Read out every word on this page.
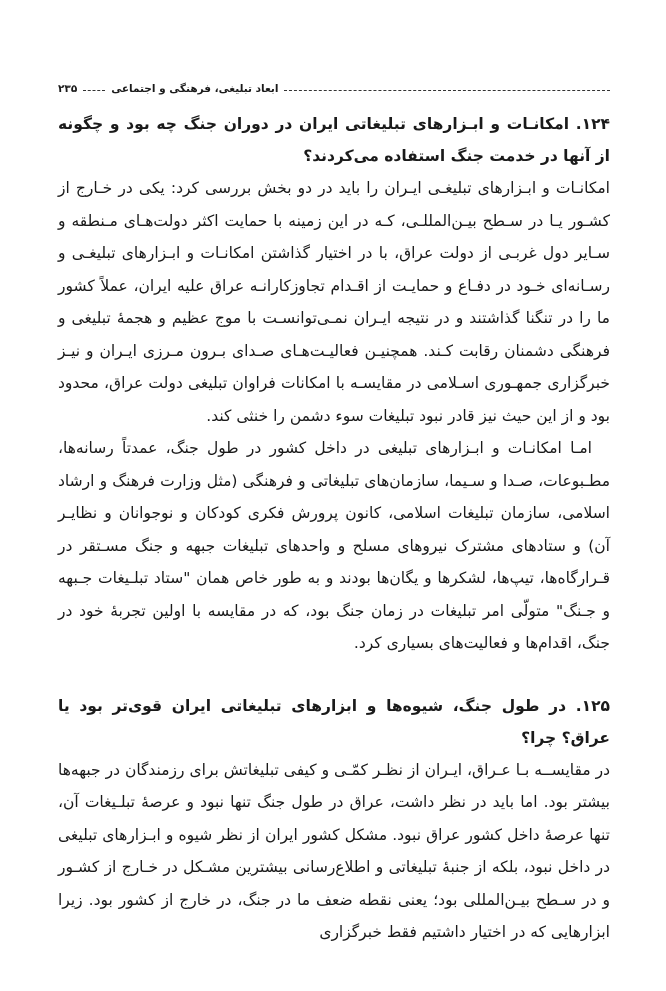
ابعاد تبلیغی، فرهنگی و اجتماعی
۲۳۵
۱۲۴. امکانـات و ابـزارهای تبلیغاتی ایران در دوران جنگ چه بود و چگونه از آنها در خدمت جنگ استفاده می‌کردند؟

امکانـات و ابـزارهای تبلیغـی ایـران را باید در دو بخش بررسی کرد: یکی در خـارج از کشـور یـا در سـطح بیـن‌المللـی، کـه در این زمینه با حمایت اکثر دولت‌هـای مـنطقه و سـایر دول غربـی از دولت عراق، با در اختیار گذاشتن امکانـات و ابـزارهای تبلیغـی و رسـانه‌ای خـود در دفـاع و حمایـت از اقـدام تجاوزکارانـه عراق علیه ایران، عملاً کشور ما را در تنگنا گذاشتند و در نتیجه ایـران نمـی‌توانسـت با موج عظیم و هجمهٔ تبلیغی و فرهنگی دشمنان رقابت کـند. همچنیـن فعالیـت‌هـای صـدای بـرون مـرزی ایـران و نیـز خبرگزاری جمهـوری اسـلامی در مقایسـه با امکانات فراوان تبلیغی دولت عراق، محدود بود و از این حیث نیز قادر نبود تبلیغات سوء دشمن را خنثی کند.

امـا امکانـات و ابـزارهای تبلیغی در داخل کشور در طول جنگ، عمدتاً رسانه‌ها، مطـبوعات، صـدا و سـیما، سازمان‌های تبلیغاتی و فرهنگی (مثل وزارت فرهنگ و ارشاد اسلامی، سازمان تبلیغات اسلامی، کانون پرورش فکری کودکان و نوجوانان و نظایـر آن) و ستادهای مشترک نیروهای مسلح و واحدهای تبلیغات جبهه و جنگ مسـتقر در قـرارگاه‌ها، تیپ‌ها، لشکرها و یگان‌ها بودند و به طور خاص همان "ستاد تبلـیغات جـبهه و جـنگ" متولّی امر تبلیغات در زمان جنگ بود، که در مقایسه با اولین تجربهٔ خود در جنگ، اقدام‌ها و فعالیت‌های بسیاری کرد.

۱۲۵. در طول جنگ، شیوه‌ها و ابزارهای تبلیغاتی ایران قوی‌تر بود یا عراق؟ چرا؟

در مقایســه بـا عـراق، ایـران از نظـر کمّـی و کیفی تبلیغاتش برای رزمندگان در جبهه‌ها بیشتر بود. اما باید در نظر داشت، عراق در طول جنگ تنها نبود و عرصهٔ تبلـیغات آن، تنها عرصهٔ داخل کشور عراق نبود. مشکل کشور ایران از نظر شیوه و ابـزارهای تبلیغی در داخل نبود، بلکه از جنبهٔ تبلیغاتی و اطلاع‌رسانی بیشترین مشـکل در خـارج از کشـور و در سـطح بیـن‌المللی بود؛ یعنی نقطه ضعف ما در جنگ، در خارج از کشور بود. زیرا ابزارهایی که در اختیار داشتیم فقط خبرگزاری
